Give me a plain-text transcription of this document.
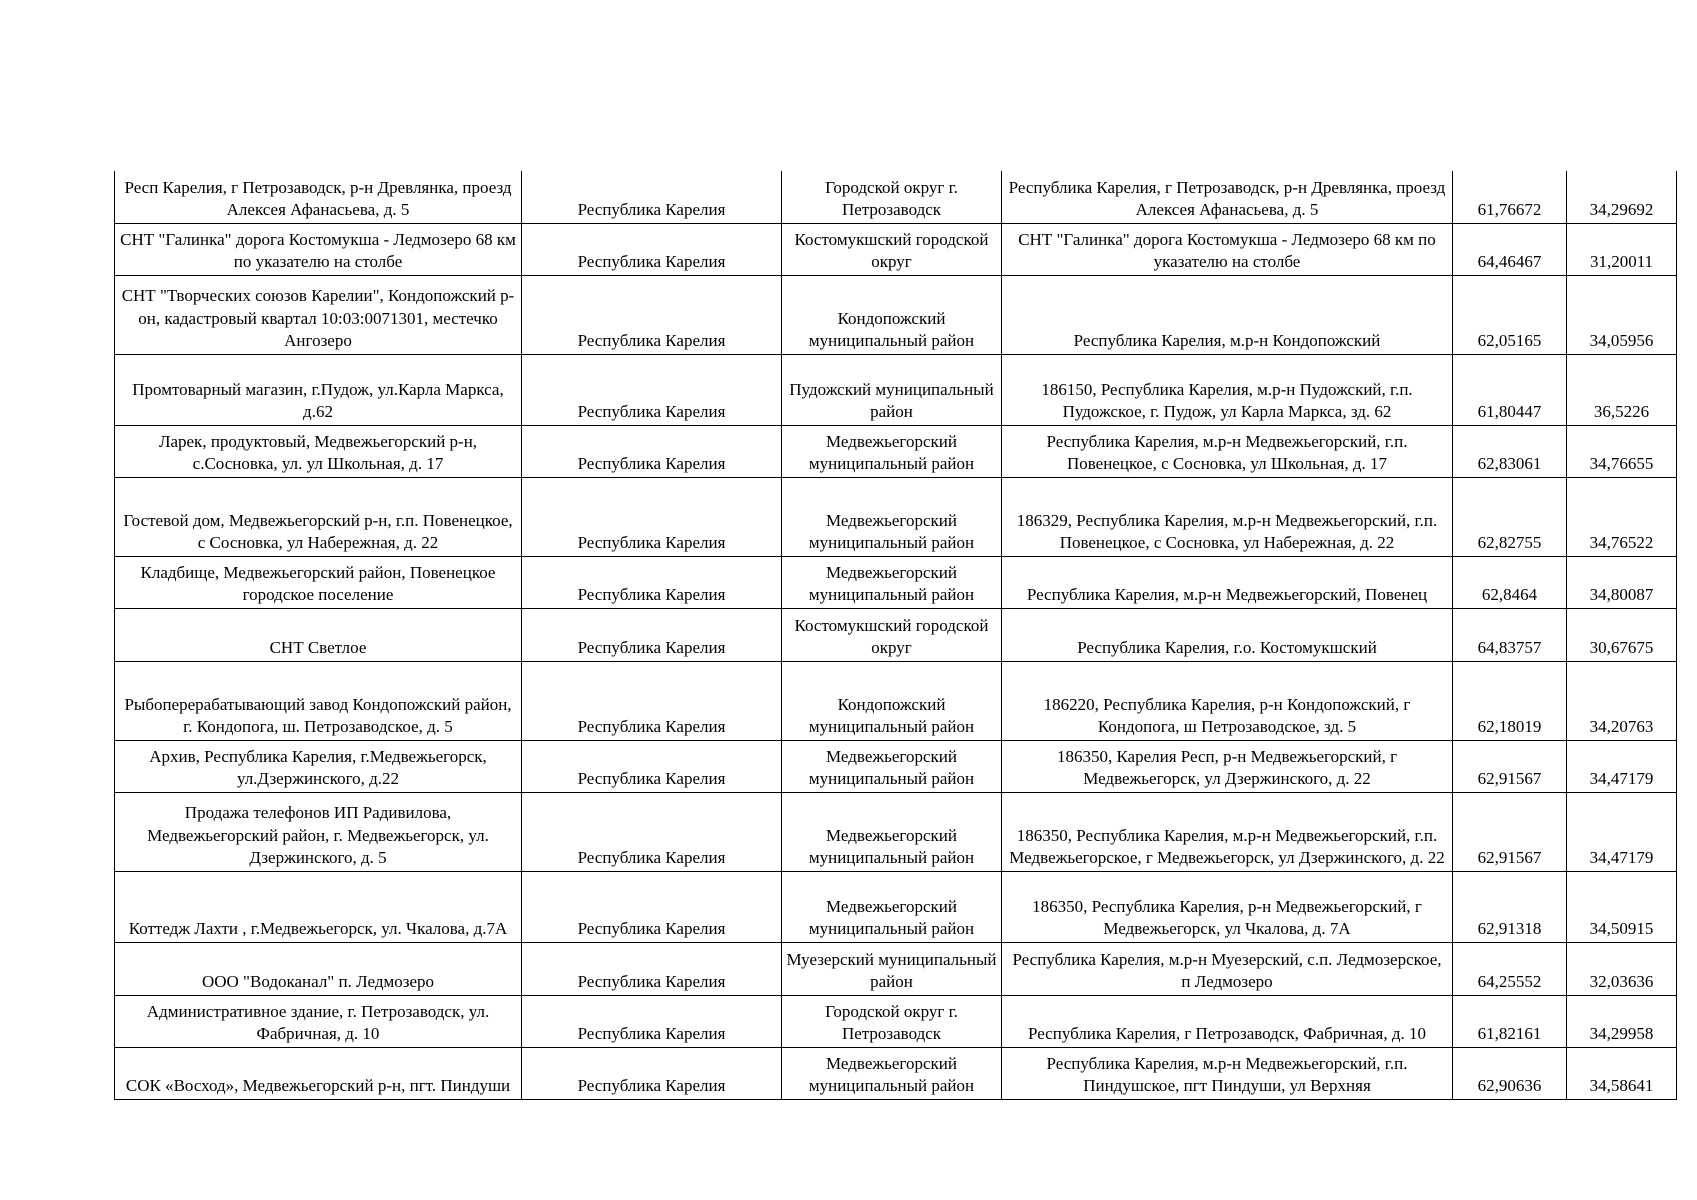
Респ Карелия, г Петрозаводск, р-н Древлянка, проезд Алексея Афанасьева, д. 5	Республика Карелия	Городской округ г. Петрозаводск	Республика Карелия, г Петрозаводск, р-н Древлянка, проезд Алексея Афанасьева, д. 5	61,76672	34,29692
СНТ "Галинка" дорога Костомукша - Ледмозеро 68 км по указателю на столбе	Республика Карелия	Костомукшский городской округ	СНТ "Галинка" дорога Костомукша - Ледмозеро 68 км по указателю на столбе	64,46467	31,20011
СНТ "Творческих союзов Карелии", Кондопожский р-он, кадастровый квартал 10:03:0071301, местечко Ангозеро	Республика Карелия	Кондопожский муниципальный район	Республика Карелия, м.р-н Кондопожский	62,05165	34,05956
Промтоварный магазин, г.Пудож, ул.Карла Маркса, д.62	Республика Карелия	Пудожский муниципальный район	186150, Республика Карелия, м.р-н Пудожский, г.п. Пудожское, г. Пудож, ул Карла Маркса, зд. 62	61,80447	36,5226
Ларек, продуктовый, Медвежьегорский р-н, с.Сосновка, ул. ул Школьная, д. 17	Республика Карелия	Медвежьегорский муниципальный район	Республика Карелия, м.р-н Медвежьегорский, г.п. Повенецкое, с Сосновка, ул Школьная, д. 17	62,83061	34,76655
Гостевой дом, Медвежьегорский р-н, г.п. Повенецкое, с Сосновка, ул Набережная, д. 22	Республика Карелия	Медвежьегорский муниципальный район	186329, Республика Карелия, м.р-н Медвежьегорский, г.п. Повенецкое, с Сосновка, ул Набережная, д. 22	62,82755	34,76522
Кладбище, Медвежьегорский район, Повенецкое городское поселение	Республика Карелия	Медвежьегорский муниципальный район	Республика Карелия, м.р-н Медвежьегорский, Повенец	62,8464	34,80087
СНТ Светлое	Республика Карелия	Костомукшский городской округ	Республика Карелия, г.о. Костомукшский	64,83757	30,67675
Рыбоперерабатывающий завод Кондопожский район, г. Кондопога, ш. Петрозаводское, д. 5	Республика Карелия	Кондопожский муниципальный район	186220, Республика Карелия, р-н Кондопожский, г Кондопога, ш Петрозаводское, зд. 5	62,18019	34,20763
Архив, Республика Карелия, г.Медвежьегорск, ул.Дзержинского, д.22	Республика Карелия	Медвежьегорский муниципальный район	186350, Карелия Респ, р-н Медвежьегорский, г Медвежьегорск, ул Дзержинского, д. 22	62,91567	34,47179
Продажа телефонов ИП Радивилова, Медвежьегорский район, г. Медвежьегорск, ул. Дзержинского, д. 5	Республика Карелия	Медвежьегорский муниципальный район	186350, Республика Карелия, м.р-н Медвежьегорский, г.п. Медвежьегорское, г Медвежьегорск, ул Дзержинского, д. 22	62,91567	34,47179
Коттедж Лахти , г.Медвежьегорск, ул. Чкалова, д.7А	Республика Карелия	Медвежьегорский муниципальный район	186350, Республика Карелия, р-н Медвежьегорский, г Медвежьегорск, ул Чкалова, д. 7А	62,91318	34,50915
ООО "Водоканал" п. Ледмозеро	Республика Карелия	Муезерский муниципальный район	Республика Карелия, м.р-н Муезерский, с.п. Ледмозерское, п Ледмозеро	64,25552	32,03636
Административное здание, г. Петрозаводск, ул. Фабричная, д. 10	Республика Карелия	Городской округ г. Петрозаводск	Республика Карелия, г Петрозаводск, Фабричная, д. 10	61,82161	34,29958
СОК «Восход», Медвежьегорский р-н, пгт. Пиндуши	Республика Карелия	Медвежьегорский муниципальный район	Республика Карелия, м.р-н Медвежьегорский, г.п. Пиндушское, пгт Пиндуши, ул Верхняя	62,90636	34,58641
